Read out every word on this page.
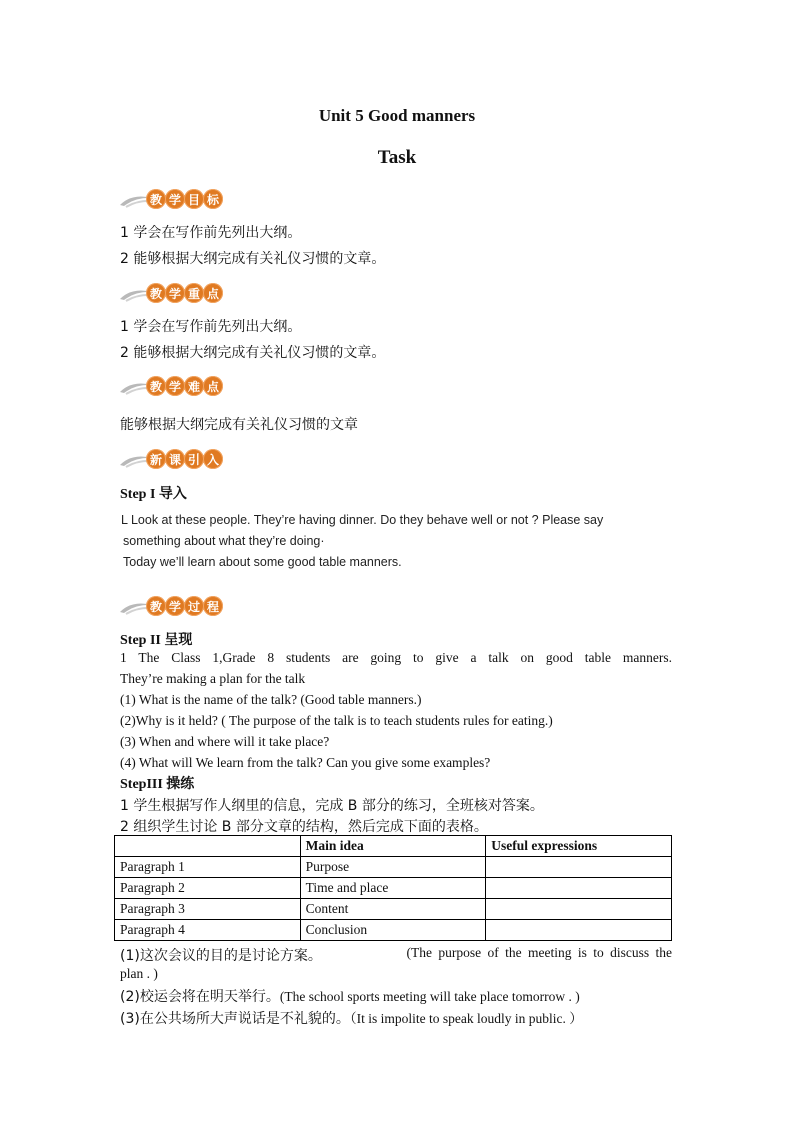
Unit 5 Good manners
Task
教 学 目 标
1 学会在写作前先列出大纲。
2 能够根据大纲完成有关礼仪习惯的文章。
教 学 重 点
1 学会在写作前先列出大纲。
2 能够根据大纲完成有关礼仪习惯的文章。
教 学 难 点
能够根据大纲完成有关礼仪习惯的文章
新 课 引 入
Step I 导入
L Look at these people. They’re having dinner. Do they behave well or not ? Please say
something about what they’re doing·
Today we’ll learn about some good table manners.
教 学 过 程
Step II 呈现
1 The Class 1,Grade 8 students are going to give a talk on good table manners.
They’re making a plan for the talk
(1) What is the name of the talk? (Good table manners.)
(2)Why is it held? ( The purpose of the talk is to teach students rules for eating.)
(3) When and where will it take place?
(4) What will We learn from the talk? Can you give some examples?
StepIII 操练
1 学生根据写作人纲里的信息，完成 B 部分的练习，全班核对答案。
2 组织学生讨论 B 部分文章的结构，然后完成下面的表格。
	Main idea	Useful expressions
Paragraph 1	Purpose	
Paragraph 2	Time and place	
Paragraph 3	Content	
Paragraph 4	Conclusion	
(1)这次会议的目的是讨论方案。	(The purpose of the meeting is to discuss the
plan . )
(2)校运会将在明天举行。(The school sports meeting will take place tomorrow . )
(3)在公共场所大声说话是不礼貌的。（It is impolite to speak loudly in public. ）
